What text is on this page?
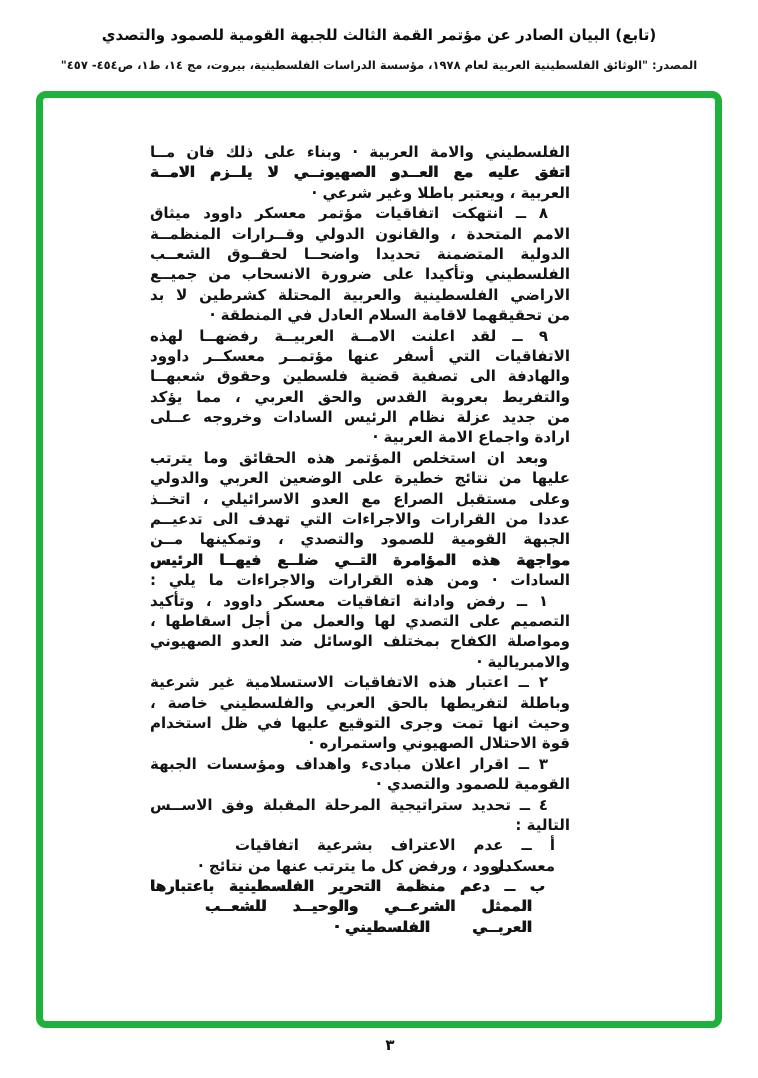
(تابع) البيان الصادر عن مؤتمر القمة الثالث للجبهة القومية للصمود والتصدي
المصدر: "الوثائق الفلسطينية العربية لعام ١٩٧٨، مؤسسة الدراسات الفلسطينية، بيروت، مج ١٤، ط١، ص٤٥٤- ٤٥٧"
الفلسطيني والامة العربية · وبناء على ذلك فان مــا
اتفق عليه مع العــدو الصهيونــي لا يلــزم الامــة
العربية ، ويعتبر باطلا وغير شرعي ·
٨ ــ انتهكت اتفاقيات مؤتمر معسكر داوود ميثاق
الامم المتحدة ، والقانون الدولي وقــرارات المنظمــة
الدولية المتضمنة تحديدا واضحــا لحقــوق الشعــب
الفلسطيني وتأكيدا على ضرورة الانسحاب من جميــع
الاراضي الفلسطينية والعربية المحتلة كشرطين لا بد
من تحقيقهما لاقامة السلام العادل في المنطقة ·
٩ ــ لقد اعلنت الامــة العربيــة رفضهــا لهذه
الاتفاقيات التي أسفر عنها مؤتمــر معسكــر داوود
والهادفة الى تصفية قضية فلسطين وحقوق شعبهــا
والتفريط بعروبة القدس والحق العربي ، مما يؤكد
من جديد عزلة نظام الرئيس السادات وخروجه عــلى
ارادة واجماع الامة العربية ·
وبعد ان استخلص المؤتمر هذه الحقائق وما يترتب
عليها من نتائج خطيرة على الوضعين العربي والدولي
وعلى مستقبل الصراع مع العدو الاسرائيلي ، اتخــذ
عددا من القرارات والاجراءات التي تهدف الى تدعيــم
الجبهة القومية للصمود والتصدي ، وتمكينها مــن
مواجهة هذه المؤامرة التــي ضلــع فيهــا الرئيس
السادات · ومن هذه القرارات والاجراءات ما يلي :
١ ــ رفض وادانة اتفاقيات معسكر داوود ، وتأكيد
التصميم على التصدي لها والعمل من أجل اسقاطها ،
ومواصلة الكفاح بمختلف الوسائل ضد العدو الصهيوني
والامبريالية ·
٢ ــ اعتبار هذه الاتفاقيات الاستسلامية غير شرعية
وباطلة لتفريطها بالحق العربي والفلسطيني خاصة ،
وحيث انها تمت وجرى التوقيع عليها في ظل استخدام
قوة الاحتلال الصهيوني واستمراره ·
٣ ــ اقرار اعلان مبادىء واهداف ومؤسسات الجبهة
القومية للصمود والتصدي ·
٤ ــ تحديد ستراتيجية المرحلة المقبلة وفق الاســس
التالية :
أ ــ عدم الاعتراف بشرعية اتفاقيات معسكــر
داوود ، ورفض كل ما يترتب عنها من نتائج ·
ب ــ دعم منظمة التحرير الفلسطينية باعتبارها
الممثل الشرعــي والوحيــد للشعــب العربــي
الفلسطيني ·
٣
